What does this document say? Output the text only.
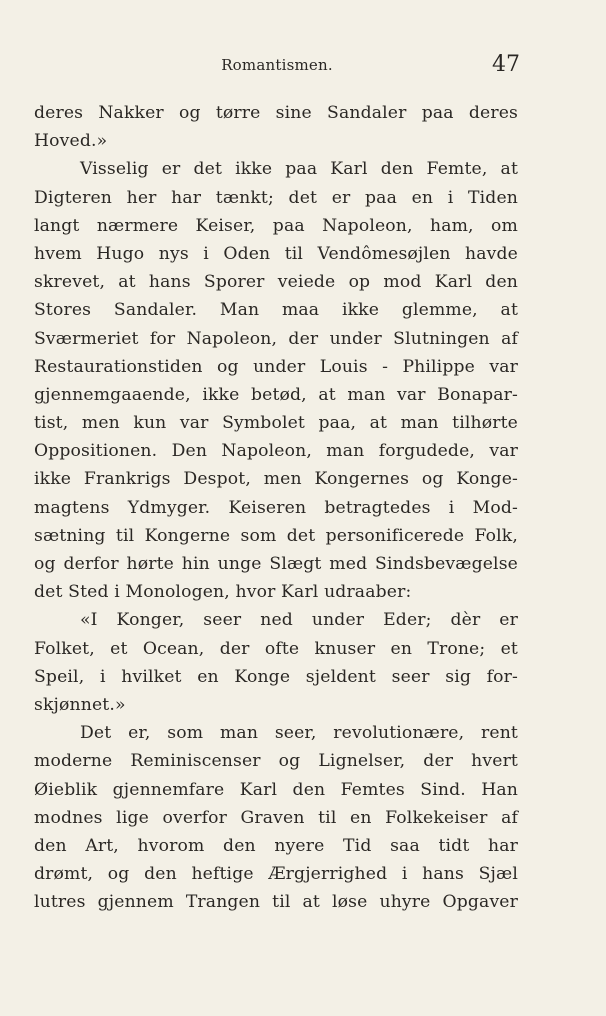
Romantismen.	47
deres Nakker og tørre sine Sandaler paa deres
Hoved.»
Visselig er det ikke paa Karl den Femte, at
Digteren her har tænkt; det er paa en i Tiden
langt nærmere Keiser, paa Napoleon, ham, om
hvem Hugo nys i Oden til Vendômesøjlen havde
skrevet, at hans Sporer veiede op mod Karl den
Stores Sandaler. Man maa ikke glemme, at
Sværmeriet for Napoleon, der under Slutningen af
Restaurationstiden og under Louis - Philippe var
gjennemgaaende, ikke betød, at man var Bonapar-
tist, men kun var Symbolet paa, at man tilhørte
Oppositionen. Den Napoleon, man forgudede, var
ikke Frankrigs Despot, men Kongernes og Konge-
magtens Ydmyger. Keiseren betragtedes i Mod-
sætning til Kongerne som det personificerede Folk,
og derfor hørte hin unge Slægt med Sindsbevægelse
det Sted i Monologen, hvor Karl udraaber:
«I Konger, seer ned under Eder; dèr er
Folket, et Ocean, der ofte knuser en Trone; et
Speil, i hvilket en Konge sjeldent seer sig for-
skjønnet.»
Det er, som man seer, revolutionære, rent
moderne Reminiscenser og Lignelser, der hvert
Øieblik gjennemfare Karl den Femtes Sind. Han
modnes lige overfor Graven til en Folkekeiser af
den Art, hvorom den nyere Tid saa tidt har
drømt, og den heftige Ærgjerrighed i hans Sjæl
lutres gjennem Trangen til at løse uhyre Opgaver
